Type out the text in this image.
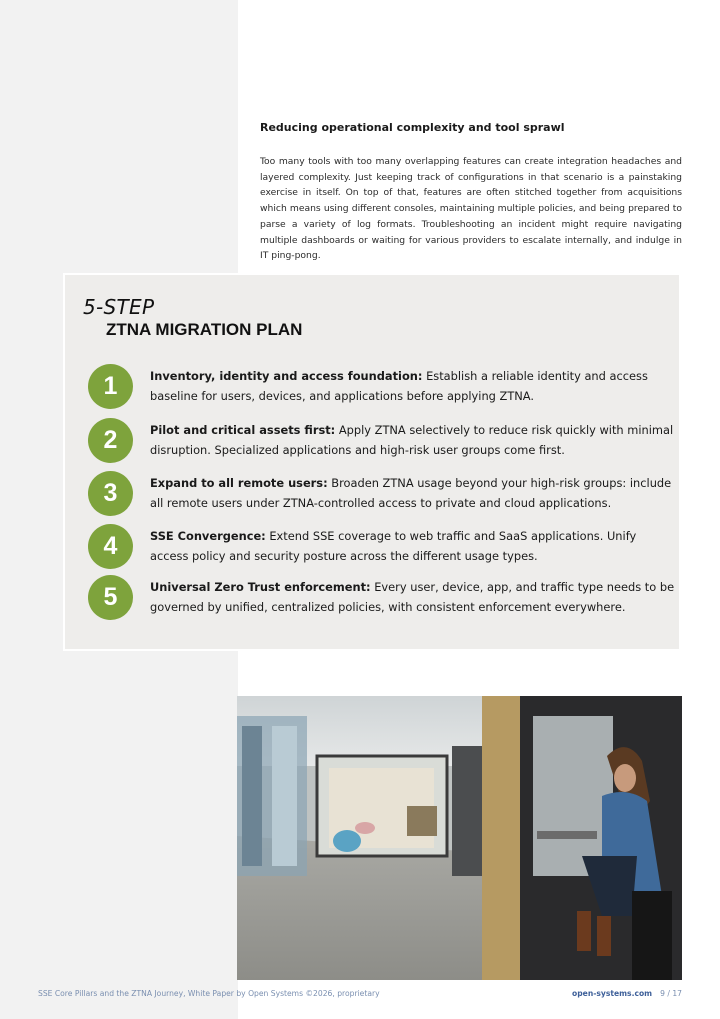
Reducing operational complexity and tool sprawl

Too many tools with too many overlapping features can create integration headaches and layered complexity. Just keeping track of configurations in that scenario is a painstaking exercise in itself. On top of that, features are often stitched together from acquisitions which means using different consoles, maintaining multiple policies, and being prepared to parse a variety of log formats. Troubleshooting an incident might require navigating multiple dashboards or waiting for various providers to escalate internally, and indulge in IT ping-pong.

5-STEP
ZTNA MIGRATION PLAN
1	Inventory, identity and access foundation: Establish a reliable identity and access baseline for users, devices, and applications before applying ZTNA.
2	Pilot and critical assets first: Apply ZTNA selectively to reduce risk quickly with minimal disruption. Specialized applications and high-risk user groups come first.
3	Expand to all remote users: Broaden ZTNA usage beyond your high-risk groups: include all remote users under ZTNA-controlled access to private and cloud applications.
4	SSE Convergence: Extend SSE coverage to web traffic and SaaS applications. Unify access policy and security posture across the different usage types.
5	Universal Zero Trust enforcement: Every user, device, app, and traffic type needs to be governed by unified, centralized policies, with consistent enforcement everywhere.
SSE Core Pillars and the ZTNA Journey, White Paper by Open Systems ©2026, proprietary	open-systems.com 9 / 17
